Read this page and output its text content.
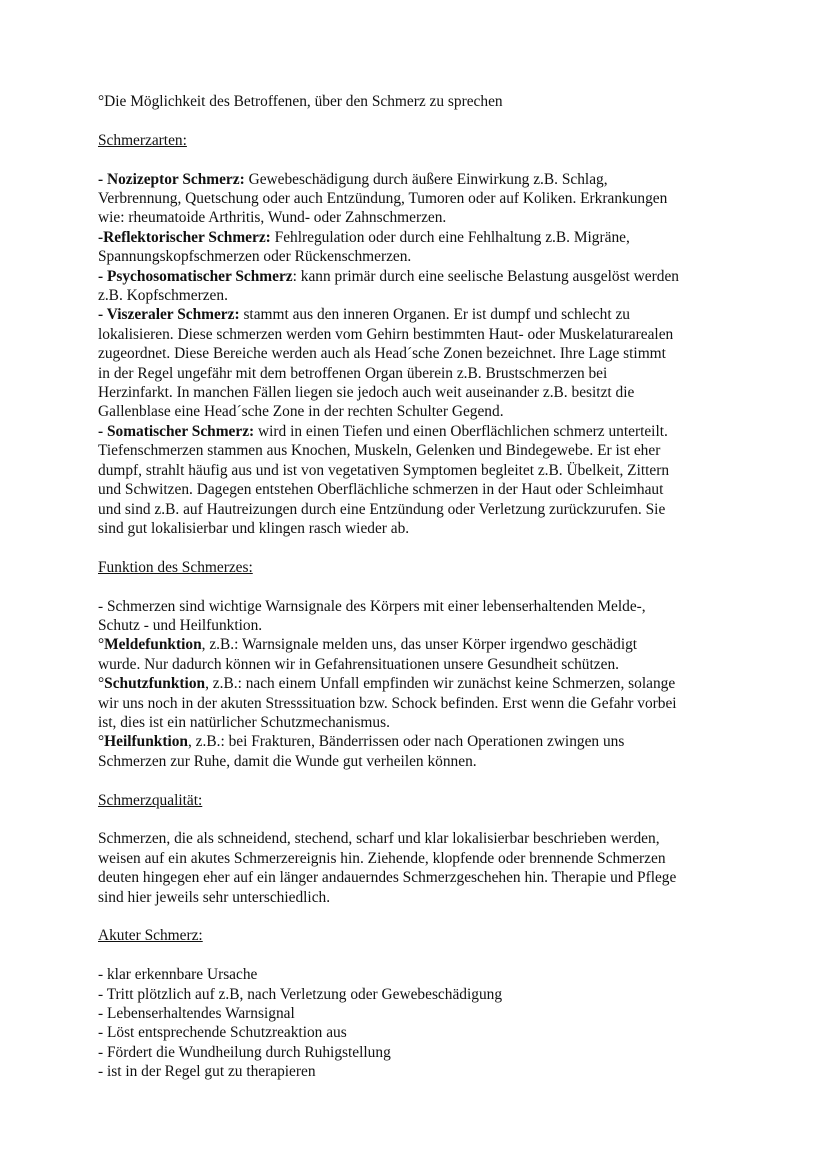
°Die Möglichkeit des Betroffenen, über den Schmerz zu sprechen
Schmerzarten:
- Nozizeptor Schmerz: Gewebeschädigung durch äußere Einwirkung z.B. Schlag,
Verbrennung, Quetschung oder auch Entzündung, Tumoren oder auf Koliken. Erkrankungen
wie: rheumatoide Arthritis, Wund- oder Zahnschmerzen.
-Reflektorischer Schmerz: Fehlregulation oder durch eine Fehlhaltung z.B. Migräne,
Spannungskopfschmerzen oder Rückenschmerzen.
- Psychosomatischer Schmerz: kann primär durch eine seelische Belastung ausgelöst werden
z.B. Kopfschmerzen.
- Viszeraler Schmerz: stammt aus den inneren Organen. Er ist dumpf und schlecht zu
lokalisieren. Diese schmerzen werden vom Gehirn bestimmten Haut- oder Muskelaturarealen
zugeordnet. Diese Bereiche werden auch als Head´sche Zonen bezeichnet. Ihre Lage stimmt
in der Regel ungefähr mit dem betroffenen Organ überein z.B. Brustschmerzen bei
Herzinfarkt. In manchen Fällen liegen sie jedoch auch weit auseinander z.B. besitzt die
Gallenblase eine Head´sche Zone in der rechten Schulter Gegend.
- Somatischer Schmerz: wird in einen Tiefen und einen Oberflächlichen schmerz unterteilt.
Tiefenschmerzen stammen aus Knochen, Muskeln, Gelenken und Bindegewebe. Er ist eher
dumpf, strahlt häufig aus und ist von vegetativen Symptomen begleitet z.B. Übelkeit, Zittern
und Schwitzen. Dagegen entstehen Oberflächliche schmerzen in der Haut oder Schleimhaut
und sind z.B. auf Hautreizungen durch eine Entzündung oder Verletzung zurückzurufen. Sie
sind gut lokalisierbar und klingen rasch wieder ab.
Funktion des Schmerzes:
- Schmerzen sind wichtige Warnsignale des Körpers mit einer lebenserhaltenden Melde-,
Schutz - und Heilfunktion.
°Meldefunktion, z.B.: Warnsignale melden uns, das unser Körper irgendwo geschädigt
wurde. Nur dadurch können wir in Gefahrensituationen unsere Gesundheit schützen.
°Schutzfunktion, z.B.: nach einem Unfall empfinden wir zunächst keine Schmerzen, solange
wir uns noch in der akuten Stresssituation bzw. Schock befinden. Erst wenn die Gefahr vorbei
ist, dies ist ein natürlicher Schutzmechanismus.
°Heilfunktion, z.B.: bei Frakturen, Bänderrissen oder nach Operationen zwingen uns
Schmerzen zur Ruhe, damit die Wunde gut verheilen können.
Schmerzqualität:
Schmerzen, die als schneidend, stechend, scharf und klar lokalisierbar beschrieben werden,
weisen auf ein akutes Schmerzereignis hin. Ziehende, klopfende oder brennende Schmerzen
deuten hingegen eher auf ein länger andauerndes Schmerzgeschehen hin. Therapie und Pflege
sind hier jeweils sehr unterschiedlich.
Akuter Schmerz:
- klar erkennbare Ursache
- Tritt plötzlich auf z.B, nach Verletzung oder Gewebeschädigung
- Lebenserhaltendes Warnsignal
- Löst entsprechende Schutzreaktion aus
- Fördert die Wundheilung durch Ruhigstellung
- ist in der Regel gut zu therapieren
